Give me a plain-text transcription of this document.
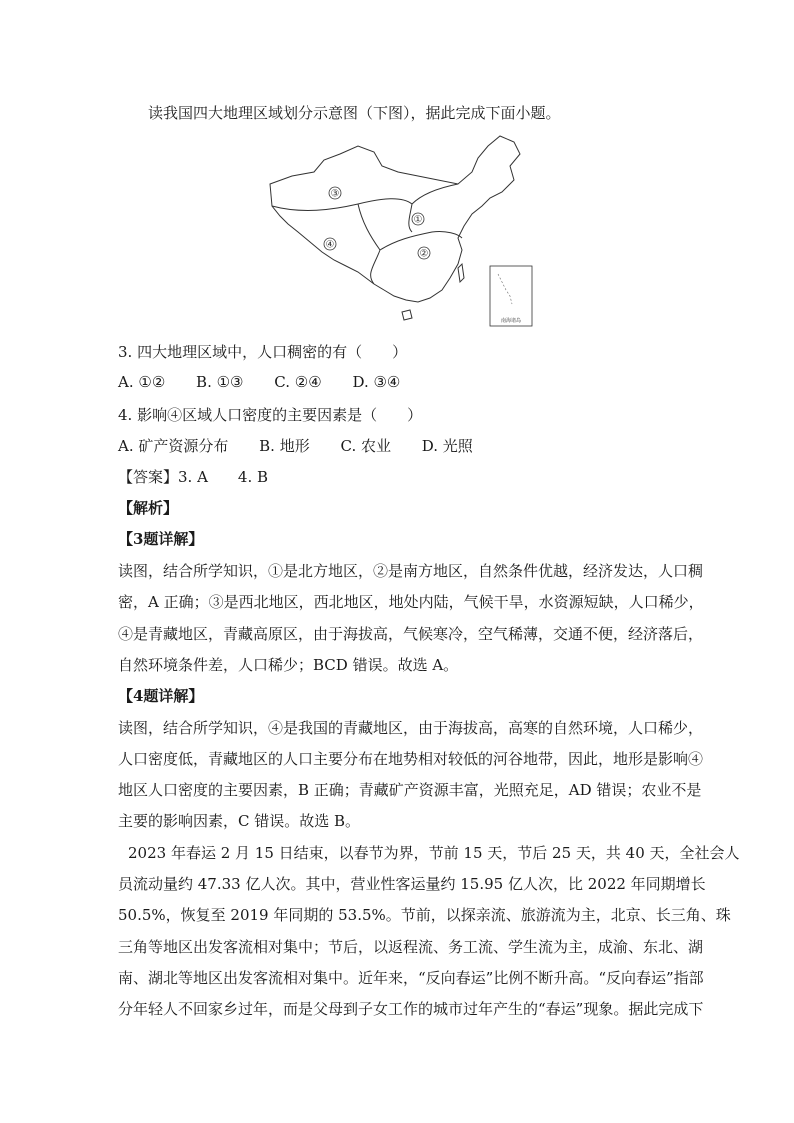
读我国四大地理区域划分示意图（下图），据此完成下面小题。
③
①
④
②
南海诸岛
3. 四大地理区域中，人口稠密的有（　　）
A. ①② B. ①③ C. ②④ D. ③④
4. 影响④区域人口密度的主要因素是（　　）
A. 矿产资源分布 B. 地形 C. 农业 D. 光照
【答案】3. A　　4. B
【解析】
【3题详解】
读图，结合所学知识，①是北方地区，②是南方地区，自然条件优越，经济发达，人口稠
密，A 正确；③是西北地区，西北地区，地处内陆，气候干旱，水资源短缺，人口稀少，
④是青藏地区，青藏高原区，由于海拔高，气候寒冷，空气稀薄，交通不便，经济落后，
自然环境条件差，人口稀少；BCD 错误。故选 A。
【4题详解】
读图，结合所学知识，④是我国的青藏地区，由于海拔高，高寒的自然环境，人口稀少，
人口密度低，青藏地区的人口主要分布在地势相对较低的河谷地带，因此，地形是影响④
地区人口密度的主要因素，B 正确；青藏矿产资源丰富，光照充足，AD 错误；农业不是
主要的影响因素，C 错误。故选 B。
2023 年春运 2 月 15 日结束，以春节为界，节前 15 天，节后 25 天，共 40 天，全社会人
员流动量约 47.33 亿人次。其中，营业性客运量约 15.95 亿人次，比 2022 年同期增长
50.5%，恢复至 2019 年同期的 53.5%。节前，以探亲流、旅游流为主，北京、长三角、珠
三角等地区出发客流相对集中；节后，以返程流、务工流、学生流为主，成渝、东北、湖
南、湖北等地区出发客流相对集中。近年来，“反向春运”比例不断升高。“反向春运”指部
分年轻人不回家乡过年，而是父母到子女工作的城市过年产生的“春运”现象。据此完成下
